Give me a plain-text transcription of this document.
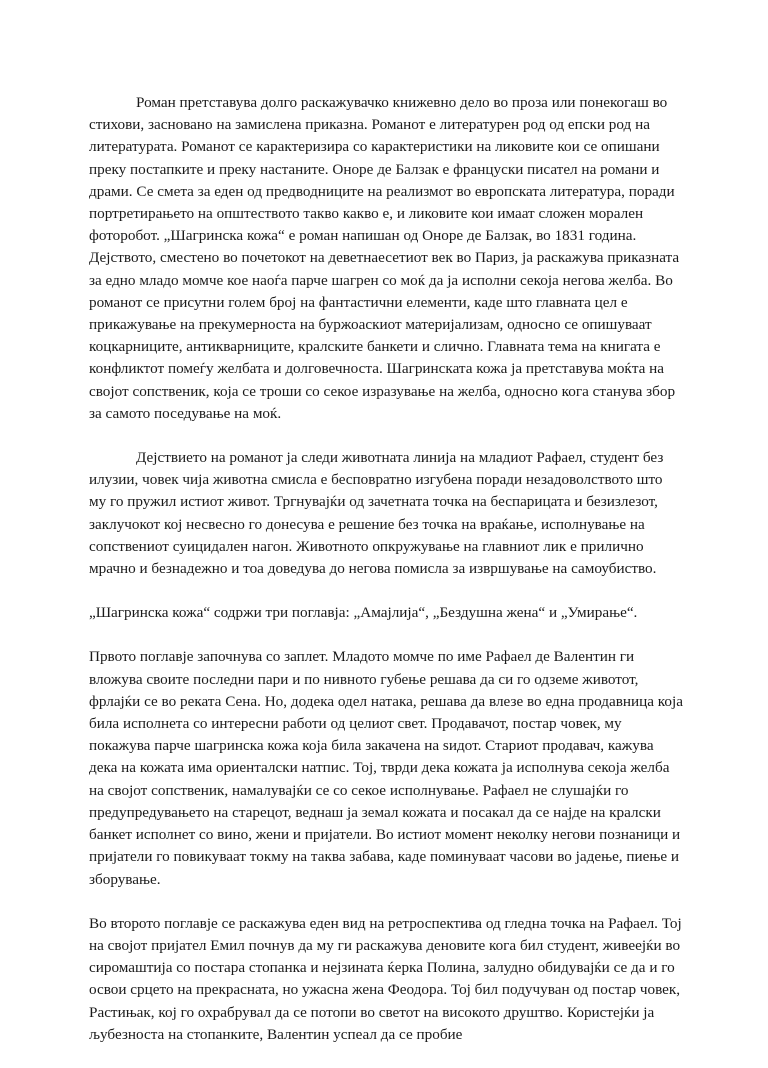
Роман претставува долго раскажувачко книжевно дело во проза или понекогаш во стихови, засновано на замислена приказна. Романот е литературен род од епски род на литературата. Романот се карактеризира со карактеристики на ликовите кои се опишани преку постапките и преку настаните. Оноре де Балзак е француски писател на романи и драми. Се смета за еден од предводниците на реализмот во европската литература, поради портретирањето на општеството такво какво е, и ликовите кои имаат сложен морален фоторобот. „Шагринска кожа“ е роман напишан од Оноре де Балзак, во 1831 година. Дејството, сместено во почетокот на деветнаесетиот век во Париз, ја раскажува приказната за едно младо момче кое наоѓа парче шагрен со моќ да ја исполни секоја негова желба. Во романот се присутни голем број на фантастични елементи, каде што главната цел е прикажување на прекумерноста на буржоаскиот материјализам, односно се опишуваат коцкарниците, антикварниците, кралските банкети и слично. Главната тема на книгата е конфликтот помеѓу желбата и долговечноста. Шагринската кожа ја претставува моќта на својот сопственик, која се троши со секое изразување на желба, односно кога станува збор за самото поседување на моќ.

Дејствието на романот ја следи животната линија на младиот Рафаел, студент без илузии, човек чија животна смисла е бесповратно изгубена поради незадоволството што му го пружил истиот живот. Тргнувајќи од зачетната точка на беспарицата и безизлезот, заклучокот кој несвесно го донесува е решение без точка на враќање, исполнување на сопствениот суицидален нагон. Животното опкружување на главниот лик е прилично мрачно и безнадежно и тоа доведува до негова помисла за извршување на самоубиство.

„Шагринска кожа“ содржи три поглавја: „Амајлија“, „Бездушна жена“ и „Умирање“.

Првото поглавје започнува со заплет. Младото момче по име Рафаел де Валентин ги вложува своите последни пари и по нивното губење решава да си го одземе животот, фрлајќи се во реката Сена. Но, додека одел натака, решава да влезе во една продавница која била исполнета со интересни работи од целиот свет. Продавачот, постар човек, му покажува парче шагринска кожа која била закачена на ѕидот. Стариот продавач, кажува дека на кожата има ориенталски натпис. Тој, тврди дека кожата ја исполнува секоја желба на својот сопственик, намалувајќи се со секое исполнување. Рафаел не слушајќи го предупредувањето на старецот, веднаш ја земал кожата и посакал да се најде на кралски банкет исполнет со вино, жени и пријатели. Во истиот момент неколку негови познаници и пријатели го повикуваат токму на таква забава, каде поминуваат часови во јадење, пиење и зборување.

Во второто поглавје се раскажува еден вид на ретроспектива од гледна точка на Рафаел. Тој на својот пријател Емил почнув да му ги раскажува деновите кога бил студент, живеејќи во сиромаштија со постара стопанка и нејзината ќерка Полина, залудно обидувајќи се да и го освои срцето на прекрасната, но ужасна жена Феодора. Тој бил подучуван од постар човек, Растињак, кој го охрабрувал да се потопи во светот на високото друштво. Користејќи ја љубезноста на стопанките, Валентин успеал да се пробие
